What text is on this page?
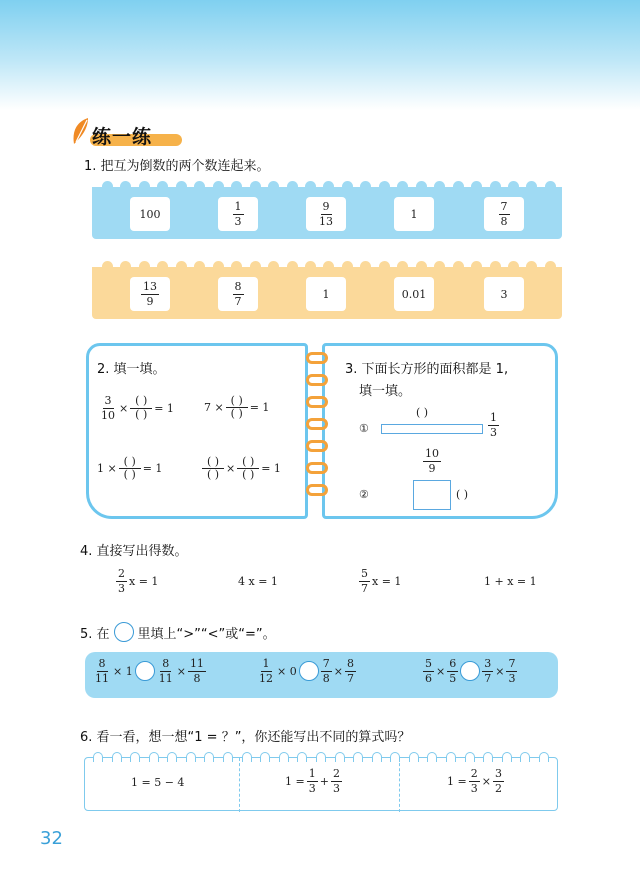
练一练
1. 把互为倒数的两个数连起来。
100	$\frac{1}{3}$	$\frac{9}{13}$	1	$\frac{7}{8}$
$\frac{13}{9}$	$\frac{8}{7}$	1	0.01	3
2. 填一填。
$\frac{3}{10} \times \frac{( )}{( )} = 1$	$7 \times \frac{( )}{( )} = 1$
$1 \times \frac{( )}{( )} = 1$	$\frac{( )}{( )} \times \frac{( )}{( )} = 1$
3. 下面长方形的面积都是 1,
填一填。
①
( )	$\frac{1}{3}$
$\frac{10}{9}$
②	( )
4. 直接写出得数。
$\frac{2}{3}$ x = 1	4 x = 1	$\frac{5}{7}$ x = 1	1 + x = 1
5. 在 里填上“>”“<”或“=”。
$\frac{8}{11} \times 1 \frac{8}{11} \times \frac{11}{8}$	$\frac{1}{12} \times 0 \frac{7}{8} \times \frac{8}{7}$	$\frac{5}{6} \times \frac{6}{5} \frac{3}{7} \times \frac{7}{3}$
6. 看一看，想一想“1 = ？”，你还能写出不同的算式吗？
1 = 5 − 4	$1 = \frac{1}{3} + \frac{2}{3}$	$1 = \frac{2}{3} \times \frac{3}{2}$
32
